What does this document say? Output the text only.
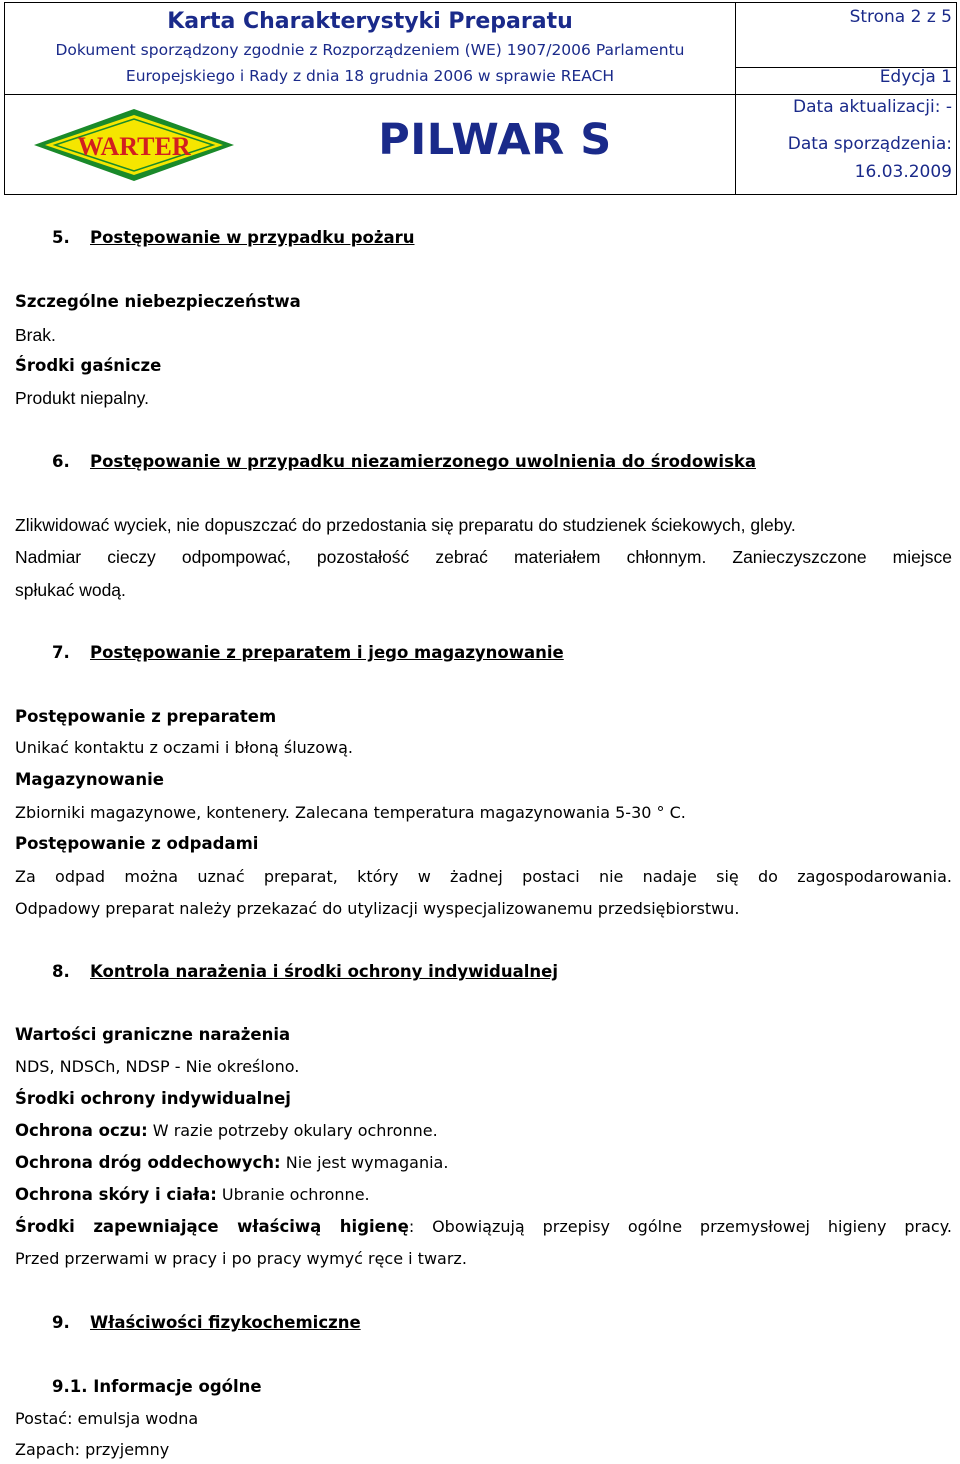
Karta Charakterystyki Preparatu
Dokument sporządzony zgodnie z Rozporządzeniem (WE) 1907/2006 Parlamentu
Europejskiego i Rady z dnia 18 grudnia 2006 w sprawie REACH
WARTER	PILWAR S
Strona 2 z 5
Edycja 1
Data aktualizacji: -
Data sporządzenia:
16.03.2009
5. Postępowanie w przypadku pożaru
Szczególne niebezpieczeństwa
Brak.
Środki gaśnicze
Produkt niepalny.
6. Postępowanie w przypadku niezamierzonego uwolnienia do środowiska
Zlikwidować wyciek, nie dopuszczać do przedostania się preparatu do studzienek ściekowych, gleby.
Nadmiar cieczy odpompować, pozostałość zebrać materiałem chłonnym. Zanieczyszczone miejsce
spłukać wodą.
7. Postępowanie z preparatem i jego magazynowanie
Postępowanie z preparatem
Unikać kontaktu z oczami i błoną śluzową.
Magazynowanie
Zbiorniki magazynowe, kontenery. Zalecana temperatura magazynowania 5-30 ° C.
Postępowanie z odpadami
Za odpad można uznać preparat, który w żadnej postaci nie nadaje się do zagospodarowania.
Odpadowy preparat należy przekazać do utylizacji wyspecjalizowanemu przedsiębiorstwu.
8. Kontrola narażenia i środki ochrony indywidualnej
Wartości graniczne narażenia
NDS, NDSCh, NDSP - Nie określono.
Środki ochrony indywidualnej
Ochrona oczu: W razie potrzeby okulary ochronne.
Ochrona dróg oddechowych: Nie jest wymagania.
Ochrona skóry i ciała: Ubranie ochronne.
Środki zapewniające właściwą higienę: Obowiązują przepisy ogólne przemysłowej higieny pracy.
Przed przerwami w pracy i po pracy wymyć ręce i twarz.
9. Właściwości fizykochemiczne
9.1. Informacje ogólne
Postać: emulsja wodna
Zapach: przyjemny
